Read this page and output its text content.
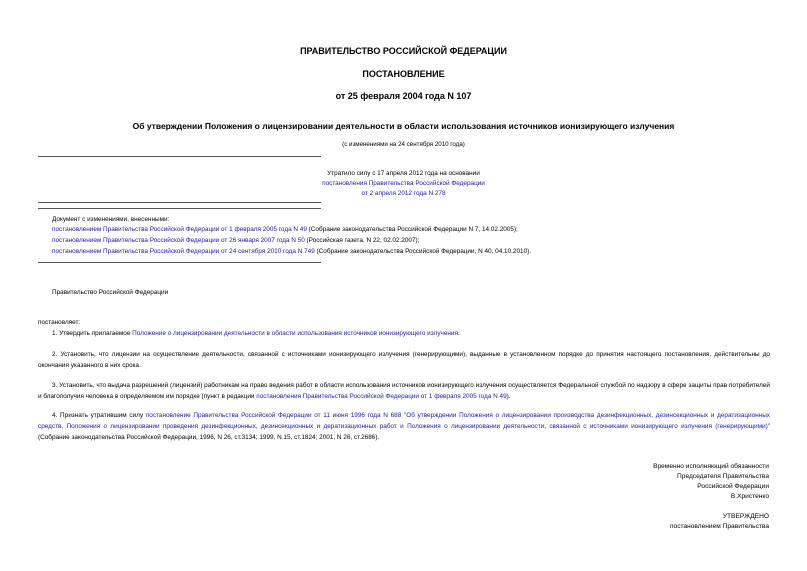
ПРАВИТЕЛЬСТВО РОССИЙСКОЙ ФЕДЕРАЦИИ
ПОСТАНОВЛЕНИЕ
от 25 февраля 2004 года N 107
Об утверждении Положения о лицензировании деятельности в области использования источников ионизирующего излучения
(с изменениями на 24 сентября 2010 года)
Утратило силу с 17 апреля 2012 года на основании
постановления Правительства Российской Федерации
от 2 апреля 2012 года N 278
Документ с изменениями, внесенными:
постановлением Правительства Российской Федерации от 1 февраля 2005 года N 49 (Собрание законодательства Российской Федерации N 7, 14.02.2005);
постановлением Правительства Российской Федерации от 26 января 2007 года N 50 (Российская газета, N 22, 02.02.2007);
постановлением Правительства Российской Федерации от 24 сентября 2010 года N 749 (Собрание законодательства Российской Федерации, N 40, 04.10.2010).
Правительство Российской Федерации
постановляет:
1. Утвердить прилагаемое Положение о лицензировании деятельности в области использования источников ионизирующего излучения.
2. Установить, что лицензии на осуществление деятельности, связанной с источниками ионизирующего излучения (генерирующими), выданные в установленном порядке до принятия настоящего постановления, действительны до окончания указанного в них срока.
3. Установить, что выдача разрешений (лицензий) работникам на право ведения работ в области использования источников ионизирующего излучения осуществляется Федеральной службой по надзору в сфере защиты прав потребителей и благополучия человека в определяемом им порядке (пункт в редакции постановления Правительства Российской Федерации от 1 февраля 2005 года N 49).
4. Признать утратившим силу постановление Правительства Российской Федерации от 11 июня 1996 года N 688 "Об утверждении Положения о лицензировании производства дезинфекционных, дезинсекционных и дератизационных средств, Положения о лицензировании проведения дезинфекционных, дезинсекционных и дератизационных работ и Положения о лицензировании деятельности, связанной с источниками ионизирующего излучения (генерирующими)" (Собрание законодательства Российской Федерации, 1996, N 26, ст.3134; 1999, N 15, ст.1824; 2001, N 26, ст.2686).
Временно исполняющий обязанности
Председателя Правительства
Российской Федерации
В.Христенко
УТВЕРЖДЕНО
постановлением Правительства
